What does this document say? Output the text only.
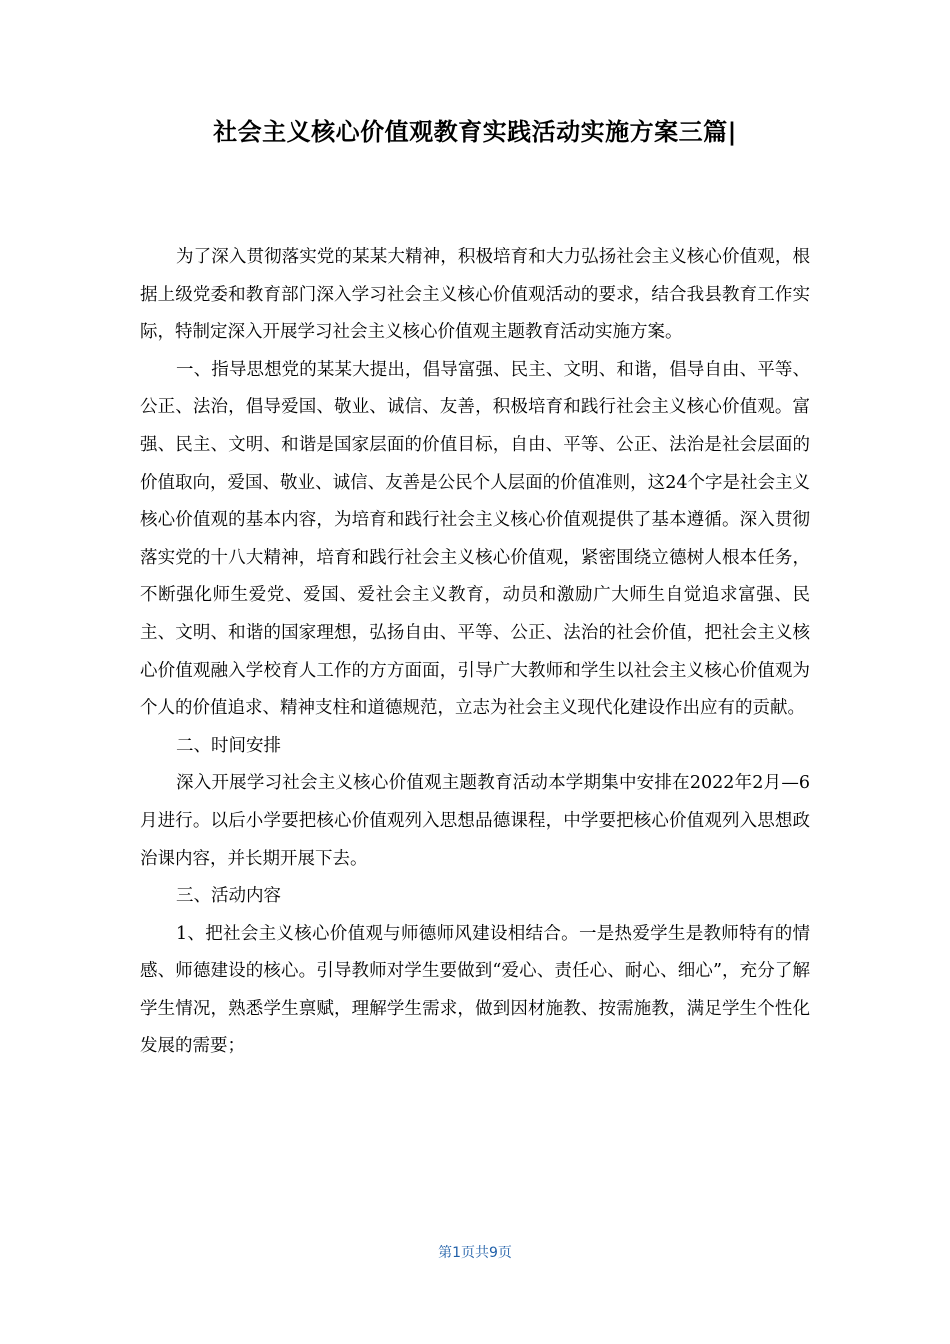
社会主义核心价值观教育实践活动实施方案三篇|

为了深入贯彻落实党的某某大精神，积极培育和大力弘扬社会主义核心价值观，根据上级党委和教育部门深入学习社会主义核心价值观活动的要求，结合我县教育工作实际，特制定深入开展学习社会主义核心价值观主题教育活动实施方案。

一、指导思想党的某某大提出，倡导富强、民主、文明、和谐，倡导自由、平等、公正、法治，倡导爱国、敬业、诚信、友善，积极培育和践行社会主义核心价值观。富强、民主、文明、和谐是国家层面的价值目标，自由、平等、公正、法治是社会层面的价值取向，爱国、敬业、诚信、友善是公民个人层面的价值准则，这24个字是社会主义核心价值观的基本内容，为培育和践行社会主义核心价值观提供了基本遵循。深入贯彻落实党的十八大精神，培育和践行社会主义核心价值观，紧密围绕立德树人根本任务，不断强化师生爱党、爱国、爱社会主义教育，动员和激励广大师生自觉追求富强、民主、文明、和谐的国家理想，弘扬自由、平等、公正、法治的社会价值，把社会主义核心价值观融入学校育人工作的方方面面，引导广大教师和学生以社会主义核心价值观为个人的价值追求、精神支柱和道德规范，立志为社会主义现代化建设作出应有的贡献。

二、时间安排

深入开展学习社会主义核心价值观主题教育活动本学期集中安排在2022年2月—6月进行。以后小学要把核心价值观列入思想品德课程，中学要把核心价值观列入思想政治课内容，并长期开展下去。

三、活动内容

1、把社会主义核心价值观与师德师风建设相结合。一是热爱学生是教师特有的情感、师德建设的核心。引导教师对学生要做到“爱心、责任心、耐心、细心”，充分了解学生情况，熟悉学生禀赋，理解学生需求，做到因材施教、按需施教，满足学生个性化发展的需要；

第1页共9页
